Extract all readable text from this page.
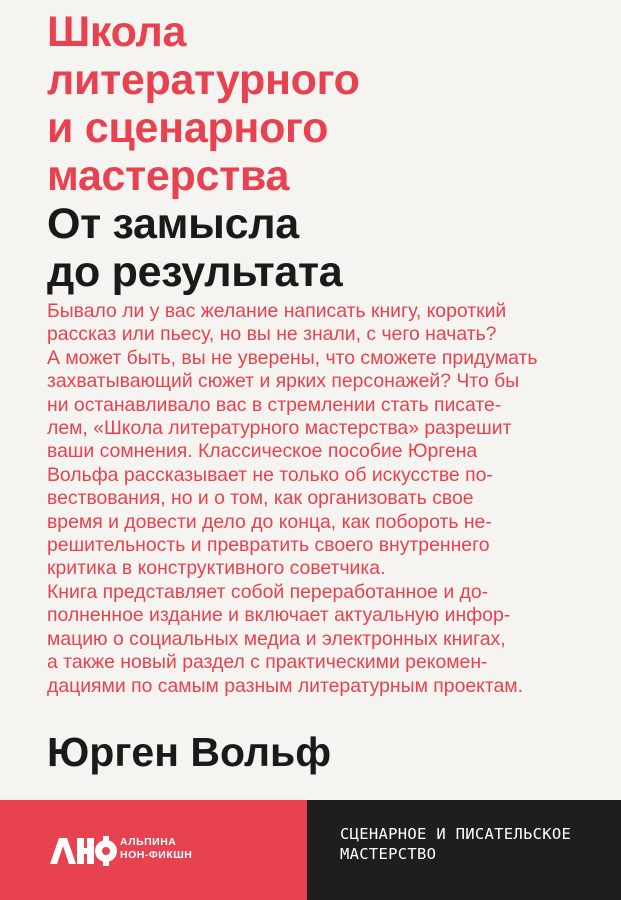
Школа
литературного
и сценарного
мастерства
От замысла
до результата
Бывало ли у вас желание написать книгу, короткий
рассказ или пьесу, но вы не знали, с чего начать?
А может быть, вы не уверены, что сможете придумать
захватывающий сюжет и ярких персонажей? Что бы
ни останавливало вас в стремлении стать писате-
лем, «Школа литературного мастерства» разрешит
ваши сомнения. Классическое пособие Юргена
Вольфа рассказывает не только об искусстве по-
вествования, но и о том, как организовать свое
время и довести дело до конца, как побороть не-
решительность и превратить своего внутреннего
критика в конструктивного советчика.
Книга представляет собой переработанное и до-
полненное издание и включает актуальную инфор-
мацию о социальных медиа и электронных книгах,
а также новый раздел с практическими рекомен-
дациями по самым разным литературным проектам.
Юрген Вольф
АЛЬПИНА
НОН-ФИКШН
СЦЕНАРНОЕ И ПИСАТЕЛЬСКОЕ
МАСТЕРСТВО
